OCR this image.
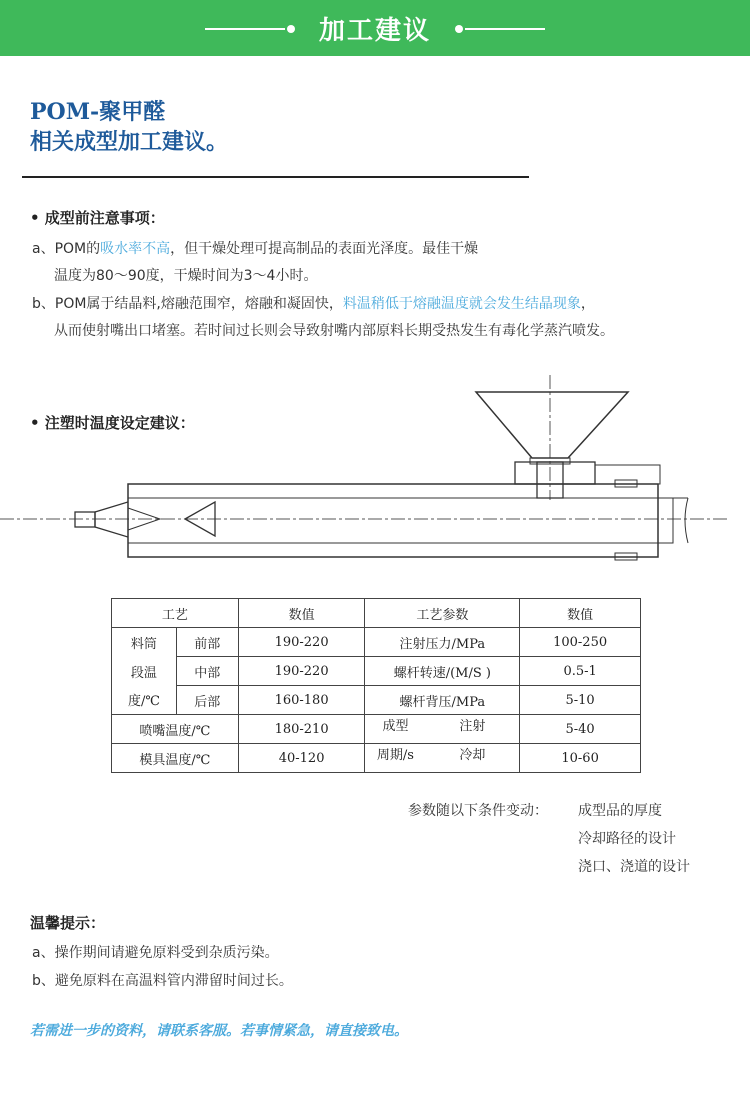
加工建议
POM-聚甲醛
相关成型加工建议。
• 成型前注意事项：
a、POM的吸水率不高，但干燥处理可提高制品的表面光泽度。最佳干燥
温度为80～90度，干燥时间为3～4小时。
b、POM属于结晶料,熔融范围窄，熔融和凝固快，料温稍低于熔融温度就会发生结晶现象，
从而使射嘴出口堵塞。若时间过长则会导致射嘴内部原料长期受热发生有毒化学蒸汽喷发。
• 注塑时温度设定建议：
工艺		数值	工艺参数	数值
料筒	前部	190-220	注射压力/MPa	100-250
段温	中部	190-220	螺杆转速/(M/S )	0.5-1
度/℃	后部	160-180	螺杆背压/MPa	5-10
喷嘴温度/℃		180-210	成型 注射	5-40
模具温度/℃		40-120	周期/s 冷却	10-60
参数随以下条件变动： 成型品的厚度
冷却路径的设计
浇口、浇道的设计
温馨提示：
a、操作期间请避免原料受到杂质污染。
b、避免原料在高温料管内滞留时间过长。
若需进一步的资料，请联系客服。若事情紧急，请直接致电。
